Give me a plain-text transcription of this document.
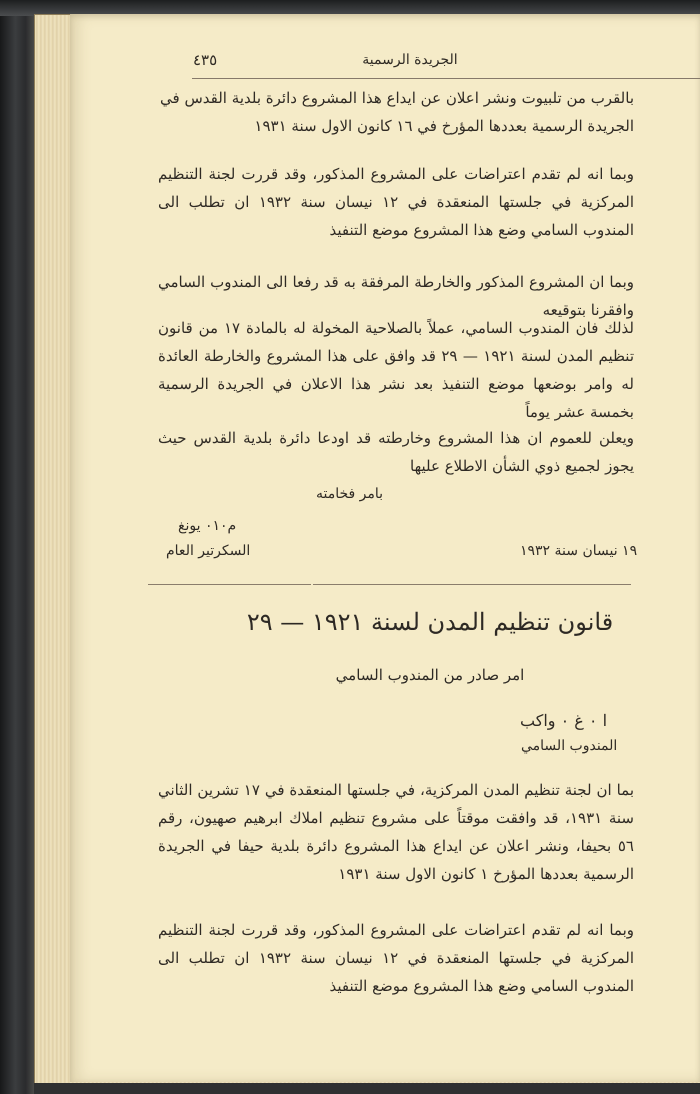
٤٣٥	الجريدة الرسمية
بالقرب من تلبيوت ونشر اعلان عن ايداع هذا المشروع دائرة بلدية القدس في الجريدة الرسمية بعددها المؤرخ في ١٦ كانون الاول سنة ١٩٣١
وبما انه لم تقدم اعتراضات على المشروع المذكور، وقد قررت لجنة التنظيم المركزية في جلستها المنعقدة في ١٢ نيسان سنة ١٩٣٢ ان تطلب الى المندوب السامي وضع هذا المشروع موضع التنفيذ
وبما ان المشروع المذكور والخارطة المرفقة به قد رفعا الى المندوب السامي وافقرنا بتوقيعه
لذلك فان المندوب السامي، عملاً بالصلاحية المخولة له بالمادة ١٧ من قانون تنظيم المدن لسنة ١٩٢١ — ٢٩ قد وافق على هذا المشروع والخارطة العائدة له وامر بوضعها موضع التنفيذ بعد نشر هذا الاعلان في الجريدة الرسمية بخمسة عشر يوماً
ويعلن للعموم ان هذا المشروع وخارطته قد اودعا دائرة بلدية القدس حيث يجوز لجميع ذوي الشأن الاطلاع عليها
بامر فخامته
م٠١٠ يونغ
السكرتير العام	١٩ نيسان سنة ١٩٣٢
قانون تنظيم المدن لسنة ١٩٢١ — ٢٩
امر صادر من المندوب السامي
ا ٠ غ ٠ واكب
المندوب السامي
بما ان لجنة تنظيم المدن المركزية، في جلستها المنعقدة في ١٧ تشرين الثاني سنة ١٩٣١، قد وافقت موقتاً على مشروع تنظيم املاك ابرهيم صهيون، رقم ٥٦ بحيفا، ونشر اعلان عن ايداع هذا المشروع دائرة بلدية حيفا في الجريدة الرسمية بعددها المؤرخ ١ كانون الاول سنة ١٩٣١
وبما انه لم تقدم اعتراضات على المشروع المذكور، وقد قررت لجنة التنظيم المركزية في جلستها المنعقدة في ١٢ نيسان سنة ١٩٣٢ ان تطلب الى المندوب السامي وضع هذا المشروع موضع التنفيذ
